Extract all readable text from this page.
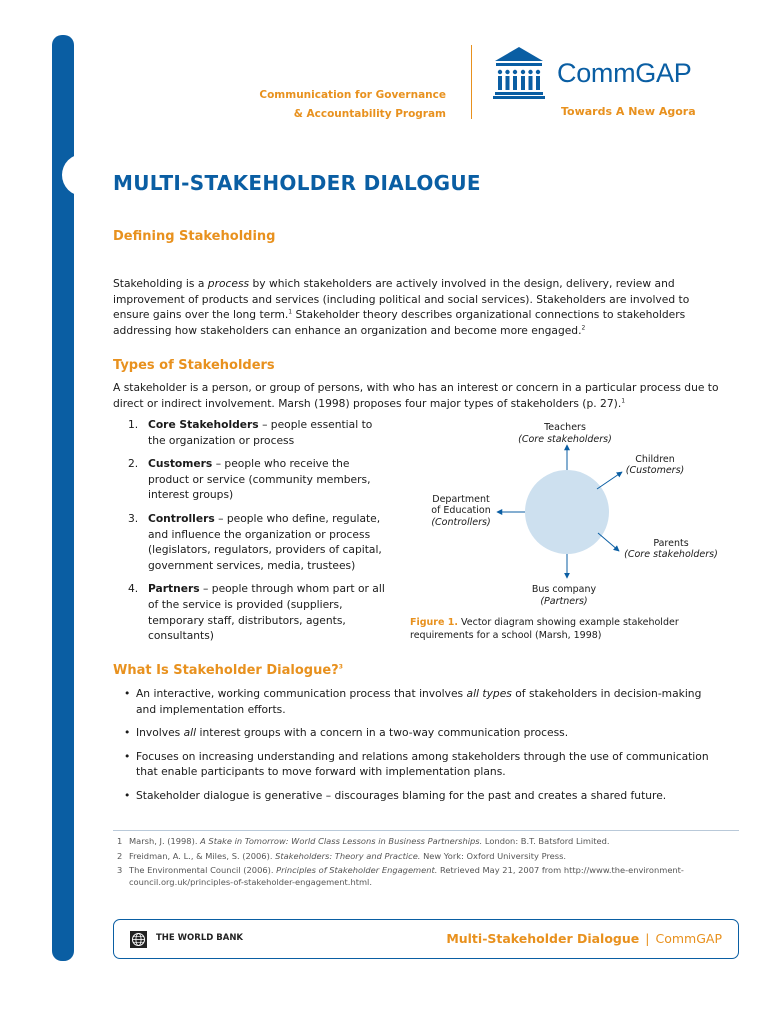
Communication for Governance
& Accountability Program
CommGAP
Towards A New Agora
MULTI-STAKEHOLDER DIALOGUE
Defining Stakeholding

Stakeholding is a process by which stakeholders are actively involved in the design, delivery, review and improvement of products and services (including political and social services). Stakeholders are involved to ensure gains over the long term.$^1$ Stakeholder theory describes organizational connections to stakeholders addressing how stakeholders can enhance an organization and become more engaged.$^2$

Types of Stakeholders

A stakeholder is a person, or group of persons, with who has an interest or concern in a particular process due to direct or indirect involvement. Marsh (1998) proposes four major types of stakeholders (p. 27).$^1$

1. Core Stakeholders – people essential to the organization or process
2. Customers – people who receive the product or service (community members, interest groups)
3. Controllers – people who define, regulate, and influence the organization or process (legislators, regulators, providers of capital, government services, media, trustees)
4. Partners – people through whom part or all of the service is provided (suppliers, temporary staff, distributors, agents, consultants)
Teachers
(Core stakeholders)
Children
(Customers)
Department
of Education
(Controllers)
Parents
(Core stakeholders)
Bus company
(Partners)

Figure 1. Vector diagram showing example stakeholder requirements for a school (Marsh, 1998)

What Is Stakeholder Dialogue?$^3$
• An interactive, working communication process that involves all types of stakeholders in decision-making and implementation efforts.
• Involves all interest groups with a concern in a two-way communication process.
• Focuses on increasing understanding and relations among stakeholders through the use of communication that enable participants to move forward with implementation plans.
• Stakeholder dialogue is generative – discourages blaming for the past and creates a shared future.
1 Marsh, J. (1998). A Stake in Tomorrow: World Class Lessons in Business Partnerships. London: B.T. Batsford Limited.
2 Freidman, A. L., & Miles, S. (2006). Stakeholders: Theory and Practice. New York: Oxford University Press.
3 The Environmental Council (2006). Principles of Stakeholder Engagement. Retrieved May 21, 2007 from http://www.the-environment-council.org.uk/principles-of-stakeholder-engagement.html.
THE WORLD BANK	Multi-Stakeholder Dialogue | CommGAP
